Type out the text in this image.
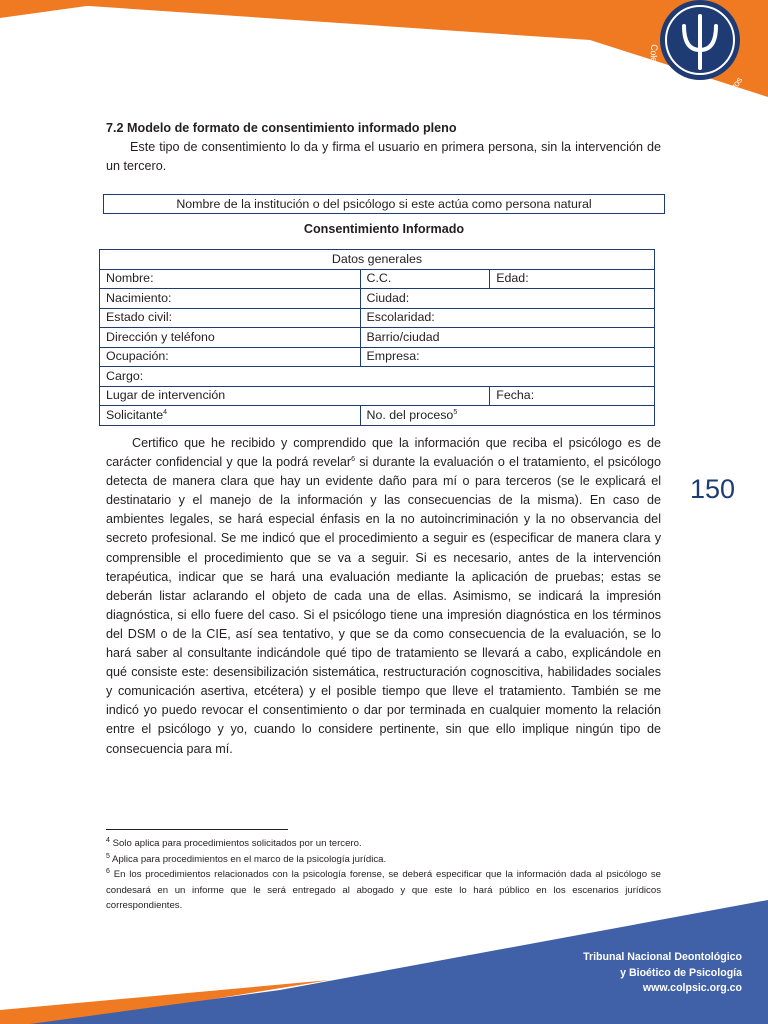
Colegio Colombiano de Psicólogos

7.2 Modelo de formato de consentimiento informado pleno

Este tipo de consentimiento lo da y firma el usuario en primera persona, sin la intervención de un tercero.

Nombre de la institución o del psicólogo si este actúa como persona natural
Consentimiento Informado
Datos generales		
Nombre:	C.C.	Edad:
Nacimiento:	Ciudad:	
Estado civil:	Escolaridad:	
Dirección y teléfono	Barrio/ciudad	
Ocupación:	Empresa:	
Cargo:		
Lugar de intervención		Fecha:
Solicitante$^4$	No. del proceso$^5$

Certifico que he recibido y comprendido que la información que reciba el psicólogo es de carácter confidencial y que la podrá revelar$^6$ si durante la evaluación o el tratamiento, el psicólogo detecta de manera clara que hay un evidente daño para mí o para terceros (se le explicará el destinatario y el manejo de la información y las consecuencias de la misma). En caso de ambientes legales, se hará especial énfasis en la no autoincriminación y la no observancia del secreto profesional. Se me indicó que el procedimiento a seguir es (especificar de manera clara y comprensible el procedimiento que se va a seguir. Si es necesario, antes de la intervención terapéutica, indicar que se hará una evaluación mediante la aplicación de pruebas; estas se deberán listar aclarando el objeto de cada una de ellas. Asimismo, se indicará la impresión diagnóstica, si ello fuere del caso. Si el psicólogo tiene una impresión diagnóstica en los términos del DSM o de la CIE, así sea tentativo, y que se da como consecuencia de la evaluación, se lo hará saber al consultante indicándole qué tipo de tratamiento se llevará a cabo, explicándole en qué consiste este: desensibilización sistemática, restructuración cognoscitiva, habilidades sociales y comunicación asertiva, etcétera) y el posible tiempo que lleve el tratamiento. También se me indicó yo puedo revocar el consentimiento o dar por terminada en cualquier momento la relación entre el psicólogo y yo, cuando lo considere pertinente, sin que ello implique ningún tipo de consecuencia para mí.

150

$^4$ Solo aplica para procedimientos solicitados por un tercero.

$^5$ Aplica para procedimientos en el marco de la psicología jurídica.

$^6$ En los procedimientos relacionados con la psicología forense, se deberá especificar que la información dada al psicólogo se condesará en un informe que le será entregado al abogado y que este lo hará público en los escenarios jurídicos correspondientes.

Tribunal Nacional Deontológico
y Bioético de Psicología
www.colpsic.org.co
